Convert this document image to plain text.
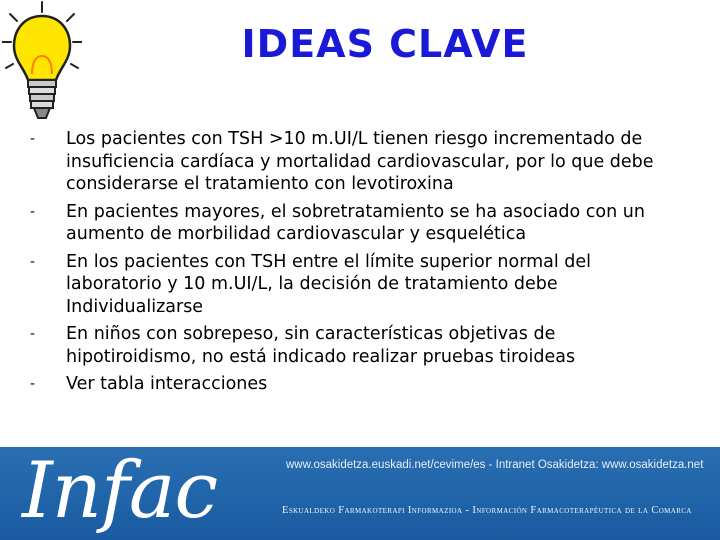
IDEAS CLAVE
- Los pacientes con TSH >10 m.UI/L tienen riesgo incrementado de insuficiencia cardíaca y mortalidad cardiovascular, por lo que debe considerarse el tratamiento con levotiroxina
- En pacientes mayores, el sobretratamiento se ha asociado con un aumento de morbilidad cardiovascular y esquelética
- En los pacientes con TSH entre el límite superior normal del laboratorio y 10 m.UI/L, la decisión de tratamiento debe Individualizarse
- En niños con sobrepeso, sin características objetivas de hipotiroidismo, no está indicado realizar pruebas tiroideas
- Ver tabla interacciones
Infac	www.osakidetza.euskadi.net/cevime/es - Intranet Osakidetza: www.osakidetza.net
Eskualdeko Farmakoterapi Informazioa - Información Farmacoterapéutica de la Comarca
